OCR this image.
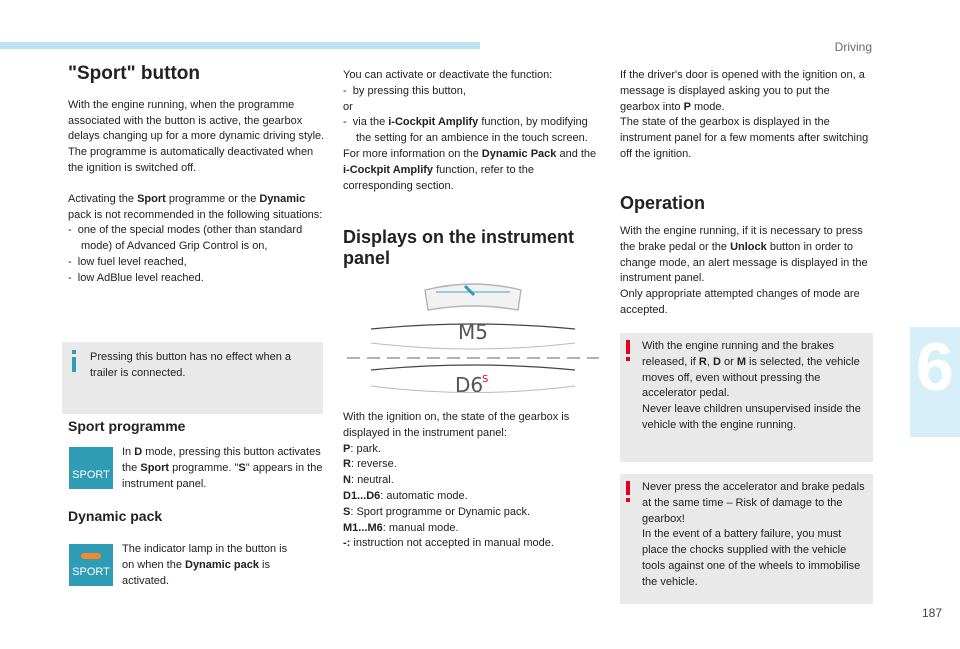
Driving
6
187
"Sport" button

With the engine running, when the programme associated with the button is active, the gearbox delays changing up for a more dynamic driving style.
The programme is automatically deactivated when the ignition is switched off.

Activating the Sport programme or the Dynamic pack is not recommended in the following situations:
-  one of the special modes (other than standard mode) of Advanced Grip Control is on,
-  low fuel level reached,
-  low AdBlue level reached.
Pressing this button has no effect when a trailer is connected.
Sport programme
SPORT
In D mode, pressing this button activates the Sport programme. "S" appears in the instrument panel.
Dynamic pack
SPORT
The indicator lamp in the button is on when the Dynamic pack is activated.
You can activate or deactivate the function:
-  by pressing this button,
or
-  via the i-Cockpit Amplify function, by modifying the setting for an ambience in the touch screen.
For more information on the Dynamic Pack and the i-Cockpit Amplify function, refer to the corresponding section.
Displays on the instrument panel
M5
D6
S
With the ignition on, the state of the gearbox is displayed in the instrument panel:
P: park.
R: reverse.
N: neutral.
D1...D6: automatic mode.
S: Sport programme or Dynamic pack.
M1...M6: manual mode.
-: instruction not accepted in manual mode.
If the driver's door is opened with the ignition on, a message is displayed asking you to put the gearbox into P mode.
The state of the gearbox is displayed in the instrument panel for a few moments after switching off the ignition.
Operation
With the engine running, if it is necessary to press the brake pedal or the Unlock button in order to change mode, an alert message is displayed in the instrument panel.
Only appropriate attempted changes of mode are accepted.
With the engine running and the brakes released, if R, D or M is selected, the vehicle moves off, even without pressing the accelerator pedal.
Never leave children unsupervised inside the vehicle with the engine running.
Never press the accelerator and brake pedals at the same time – Risk of damage to the gearbox!
In the event of a battery failure, you must place the chocks supplied with the vehicle tools against one of the wheels to immobilise the vehicle.
